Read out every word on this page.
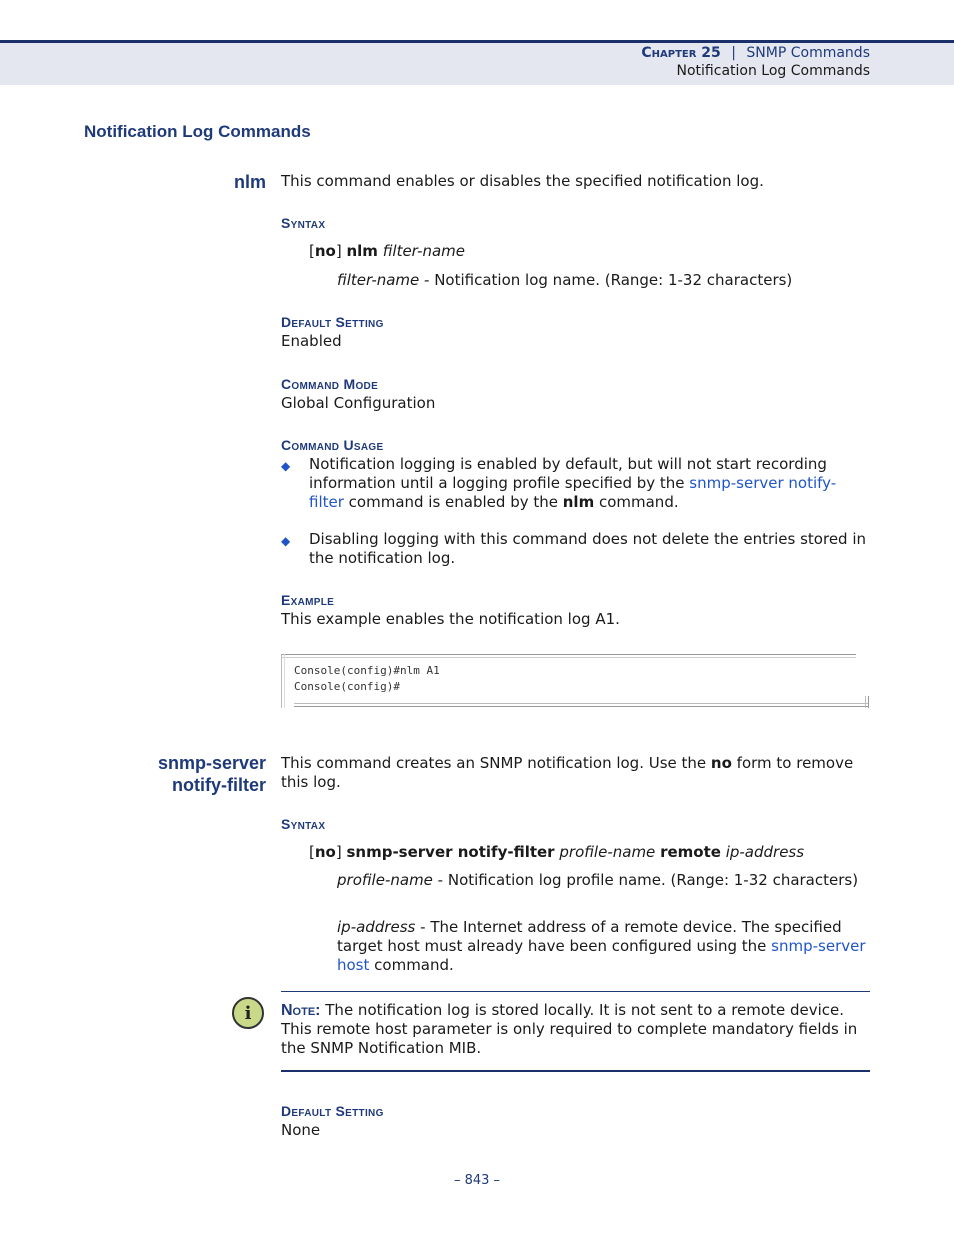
Chapter 25 | SNMP Commands
Notification Log Commands
Notification Log Commands
nlm This command enables or disables the specified notification log.
Syntax
[no] nlm filter-name
filter-name - Notification log name. (Range: 1-32 characters)
Default Setting
Enabled
Command Mode
Global Configuration
Command Usage
◆ Notification logging is enabled by default, but will not start recording information until a logging profile specified by the snmp-server notify-filter command is enabled by the nlm command.
◆ Disabling logging with this command does not delete the entries stored in the notification log.
Example
This example enables the notification log A1.
Console(config)#nlm A1
Console(config)#
snmp-server
notify-filter
This command creates an SNMP notification log. Use the no form to remove this log.
Syntax
[no] snmp-server notify-filter profile-name remote ip-address
profile-name - Notification log profile name. (Range: 1-32 characters)
ip-address - The Internet address of a remote device. The specified target host must already have been configured using the snmp-server host command.
i	Note: The notification log is stored locally. It is not sent to a remote device. This remote host parameter is only required to complete mandatory fields in the SNMP Notification MIB.
Default Setting
None
– 843 –
